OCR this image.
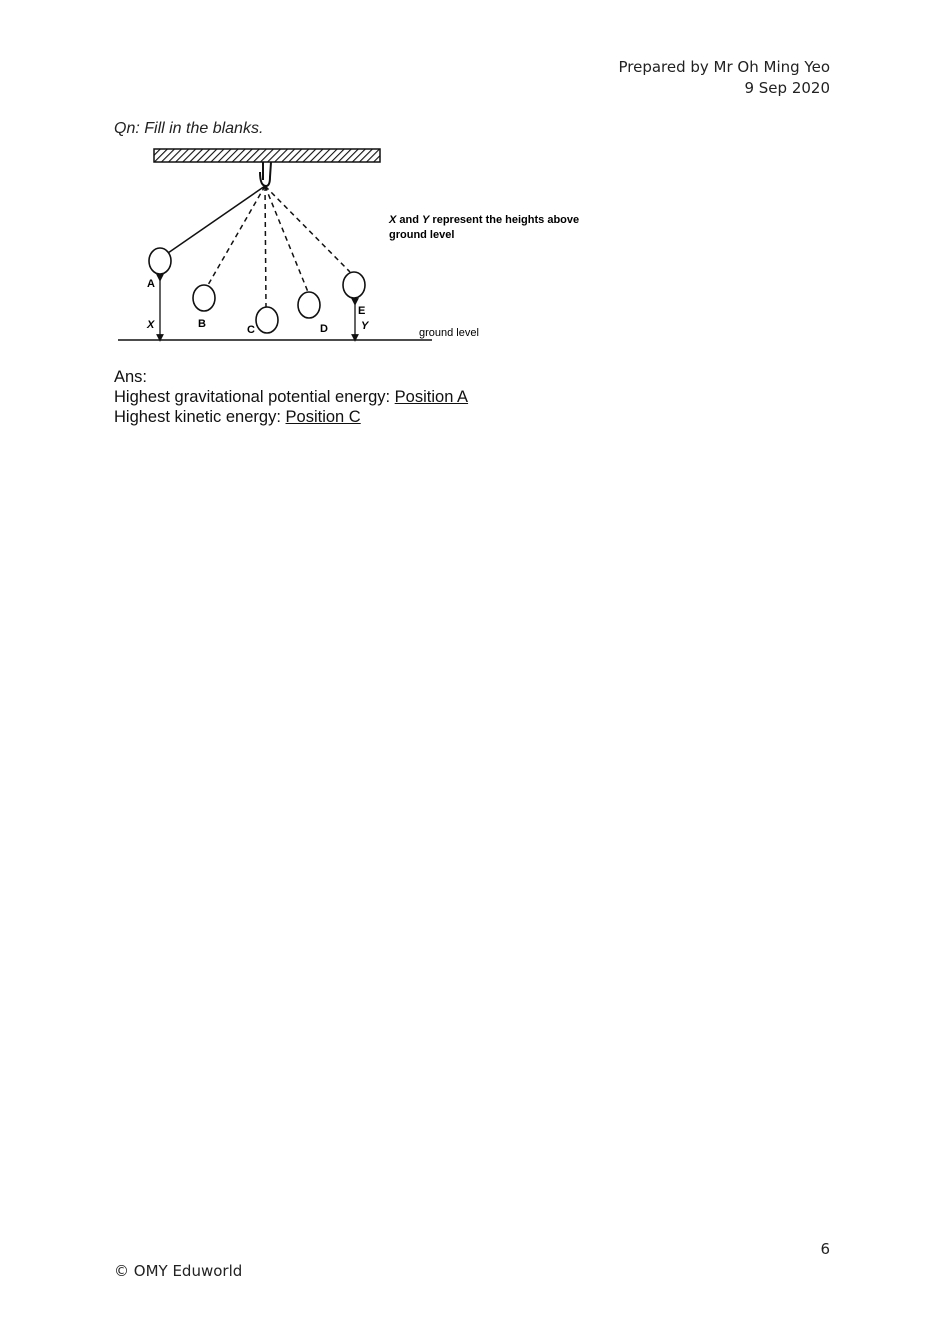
Prepared by Mr Oh Ming Yeo
9 Sep 2020
Qn: Fill in the blanks.
A
X	B	C	D
E
Y
ground level
X and Y represent the heights above
ground level
Ans:
Highest gravitational potential energy: Position A
Highest kinetic energy: Position C
6
© OMY Eduworld
